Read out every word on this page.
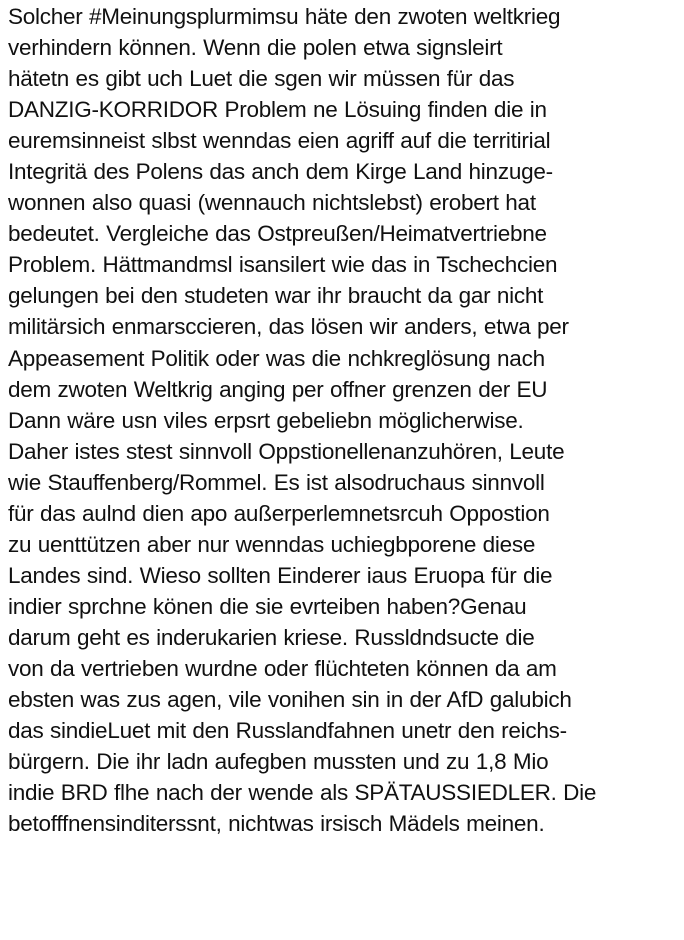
Solcher #Meinungsplurmimsu häte den zwoten weltkrieg
verhindern können. Wenn die polen etwa signsleirt
hätetn es gibt uch Luet die sgen wir müssen für das
DANZIG-KORRIDOR Problem ne Lösuing finden die in
euremsinneist slbst wenndas eien agriff auf die territirial
Integritä des Polens das anch dem Kirge Land hinzuge-
wonnen also quasi (wennauch nichtslebst) erobert hat
bedeutet. Vergleiche das Ostpreußen/Heimatvertriebne
Problem. Hättmandmsl isansilert wie das in Tschechcien
gelungen bei den studeten war ihr braucht da gar nicht
militärsich enmarsccieren, das lösen wir anders, etwa per
Appeasement Politik oder was die nchkreglösung nach
dem zwoten Weltkrig anging per offner grenzen der EU
Dann wäre usn viles erpsrt gebeliebn möglicherwise.
Daher istes stest sinnvoll Oppstionellenanzuhören, Leute
wie Stauffenberg/Rommel. Es ist alsodruchaus sinnvoll
für das aulnd dien apo außerperlemnetsrcuh Oppostion
zu uenttützen aber nur wenndas uchiegbporene diese
Landes sind. Wieso sollten Einderer iaus Eruopa für die
indier sprchne könen die sie evrteiben haben?Genau
darum geht es inderukarien kriese. Russldndsucte die
von da vertrieben wurdne oder flüchteten können da am
ebsten was zus agen, vile vonihen sin in der AfD galubich
das sindieLuet mit den Russlandfahnen unetr den reichs-
bürgern. Die ihr ladn aufegben mussten und zu 1,8 Mio
indie BRD flhe nach der wende als SPÄTAUSSIEDLER. Die
betofffnensinditerssnt, nichtwas irsisch Mädels meinen.
